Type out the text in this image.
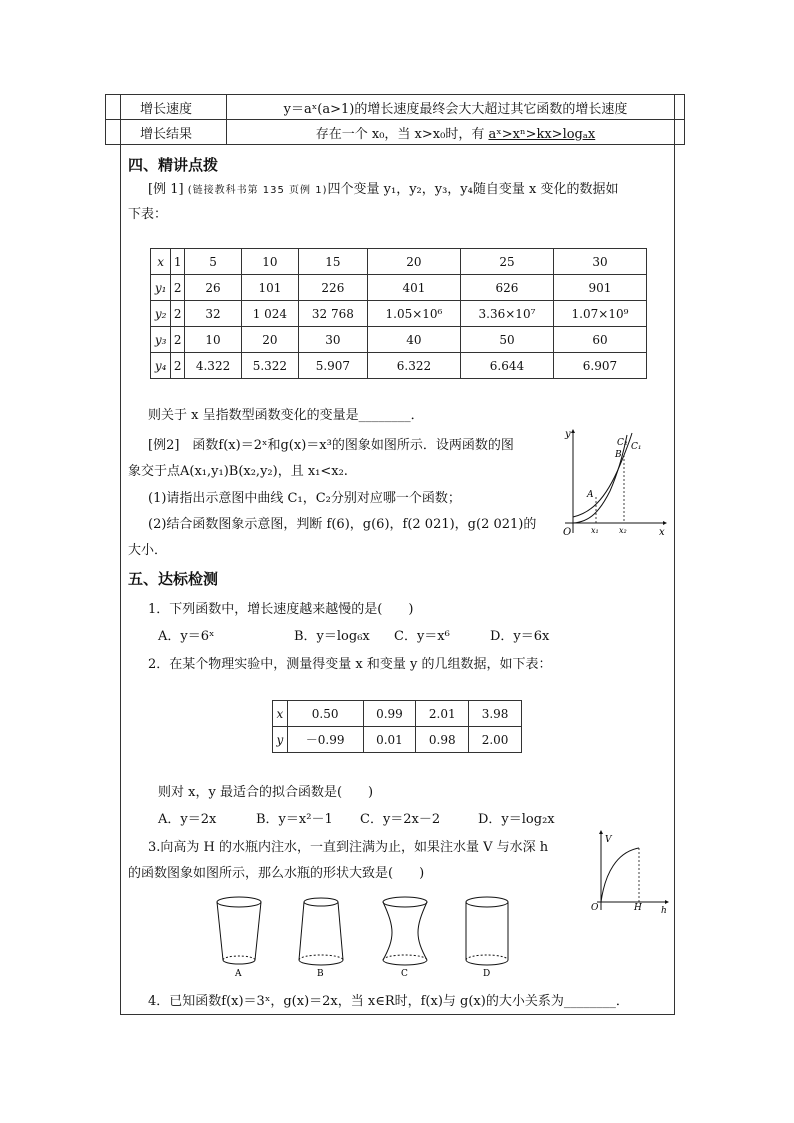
增长速度	y＝aˣ(a>1)的增长速度最终会大大超过其它函数的增长速度
增长结果	存在一个 x₀，当 x>x₀时，有 aˣ>xⁿ>kx>logₐx
四、精讲点拨
[例 1] (链接教科书第 135 页例 1)四个变量 y₁，y₂，y₃，y₄随自变量 x 变化的数据如
下表：
x	1	5	10	15	20	25	30
y₁	2	26	101	226	401	626	901
y₂	2	32	1 024	32 768	1.05×10⁶	3.36×10⁷	1.07×10⁹
y₃	2	10	20	30	40	50	60
y₄	2	4.322	5.322	5.907	6.322	6.644	6.907
则关于 x 呈指数型函数变化的变量是________．
[例2]　函数f(x)＝2ˣ和g(x)＝x³的图象如图所示．设两函数的图
象交于点A(x₁,y₁)B(x₂,y₂)，且 x₁<x₂.
(1)请指出示意图中曲线 C₁，C₂分别对应哪一个函数；
(2)结合函数图象示意图，判断 f(6)，g(6)，f(2 021)，g(2 021)的
大小．
y
x
O
A
B
C₂ C₁
x₁	x₂
五、达标检测
1．下列函数中，增长速度越来越慢的是(　　)
A．y＝6ˣ	B．y＝log₆x C．y＝x⁶	D．y＝6x
2．在某个物理实验中，测量得变量 x 和变量 y 的几组数据，如下表：
x	0.50	0.99	2.01	3.98
y	－0.99	0.01	0.98	2.00
则对 x，y 最适合的拟合函数是(　　)
A．y＝2x	B．y＝x²－1 C．y＝2x－2	D．y＝log₂x
3.向高为 H 的水瓶内注水，一直到注满为止，如果注水量 V 与水深 h
的函数图象如图所示，那么水瓶的形状大致是(　　)
V
h
O	H
A	B	C	D
4．已知函数f(x)＝3ˣ，g(x)＝2x，当 x∈R时，f(x)与 g(x)的大小关系为________．
